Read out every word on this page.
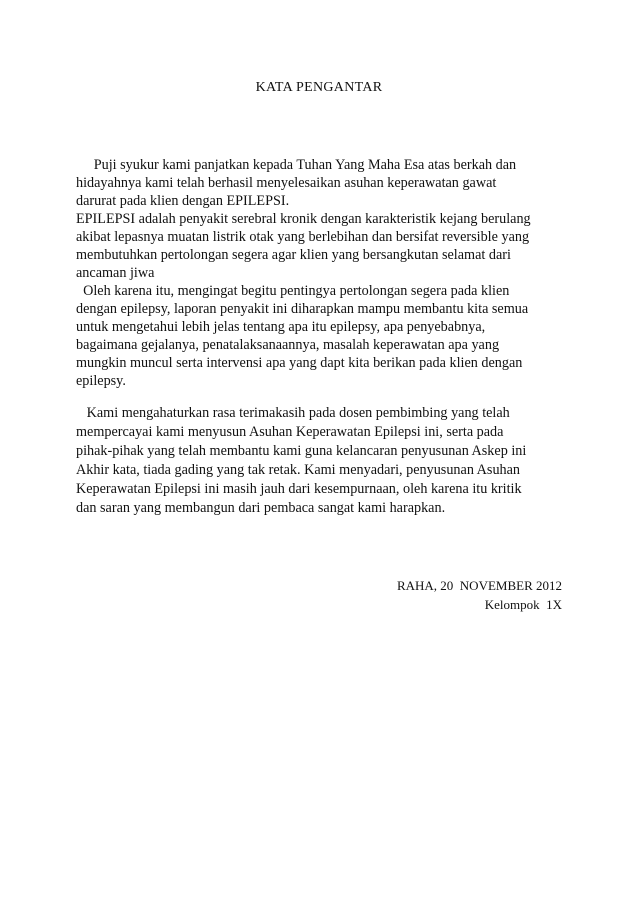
KATA PENGANTAR
Puji syukur kami panjatkan kepada Tuhan Yang Maha Esa atas berkah dan
hidayahnya kami telah berhasil menyelesaikan asuhan keperawatan gawat
darurat pada klien dengan EPILEPSI.
EPILEPSI adalah penyakit serebral kronik dengan karakteristik kejang berulang
akibat lepasnya muatan listrik otak yang berlebihan dan bersifat reversible yang
membutuhkan pertolongan segera agar klien yang bersangkutan selamat dari
ancaman jiwa
Oleh karena itu, mengingat begitu pentingya pertolongan segera pada klien
dengan epilepsy, laporan penyakit ini diharapkan mampu membantu kita semua
untuk mengetahui lebih jelas tentang apa itu epilepsy, apa penyebabnya,
bagaimana gejalanya, penatalaksanaannya, masalah keperawatan apa yang
mungkin muncul serta intervensi apa yang dapt kita berikan pada klien dengan
epilepsy.
Kami mengahaturkan rasa terimakasih pada dosen pembimbing yang telah
mempercayai kami menyusun Asuhan Keperawatan Epilepsi ini, serta pada
pihak-pihak yang telah membantu kami guna kelancaran penyusunan Askep ini
Akhir kata, tiada gading yang tak retak. Kami menyadari, penyusunan Asuhan
Keperawatan Epilepsi ini masih jauh dari kesempurnaan, oleh karena itu kritik
dan saran yang membangun dari pembaca sangat kami harapkan.
RAHA, 20  NOVEMBER 2012
Kelompok  1X
